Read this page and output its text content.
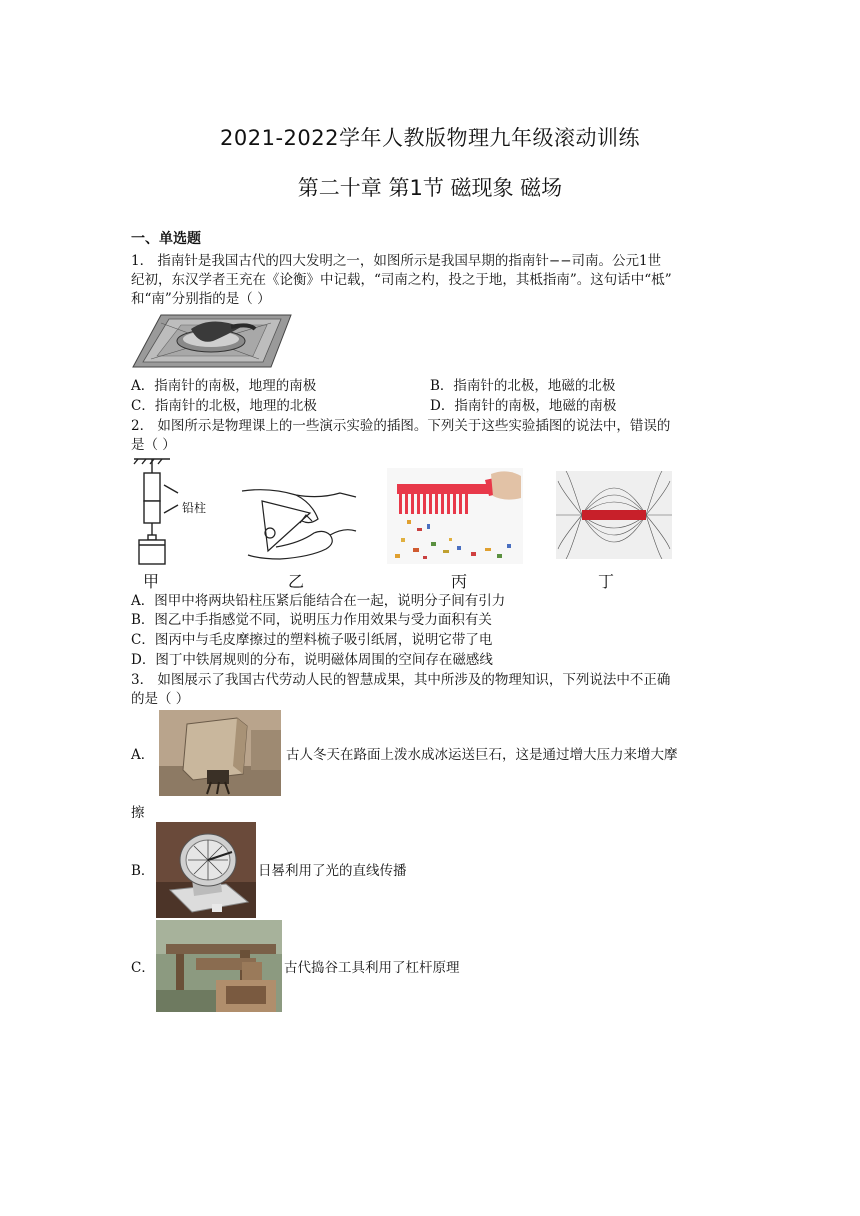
2021-2022学年人教版物理九年级滚动训练
第二十章 第1节 磁现象 磁场
一、单选题
1． 指南针是我国古代的四大发明之一，如图所示是我国早期的指南针−−司南。公元1世
纪初，东汉学者王充在《论衡》中记载，“司南之杓，投之于地，其柢指南”。这句话中“柢”
和“南”分别指的是（ ）
A．指南针的南极，地理的南极	B．指南针的北极，地磁的北极
C．指南针的北极，地理的北极	D．指南针的南极，地磁的南极
2． 如图所示是物理课上的一些演示实验的插图。下列关于这些实验插图的说法中，错误的
是（ ）
铅柱
甲	乙	丙	丁
A．图甲中将两块铅柱压紧后能结合在一起，说明分子间有引力
B．图乙中手指感觉不同，说明压力作用效果与受力面积有关
C．图丙中与毛皮摩擦过的塑料梳子吸引纸屑，说明它带了电
D．图丁中铁屑规则的分布，说明磁体周围的空间存在磁感线
3． 如图展示了我国古代劳动人民的智慧成果，其中所涉及的物理知识，下列说法中不正确
的是（ ）
A．	古人冬天在路面上泼水成冰运送巨石，这是通过增大压力来增大摩
擦
B．	日晷利用了光的直线传播
C．	古代捣谷工具利用了杠杆原理
